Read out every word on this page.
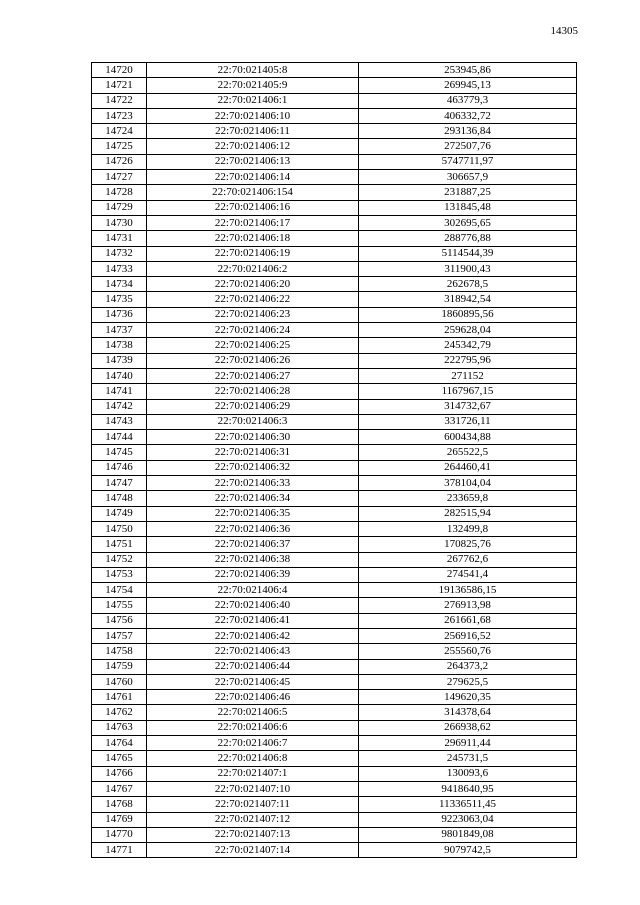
14305
14720	22:70:021405:8	253945,86
14721	22:70:021405:9	269945,13
14722	22:70:021406:1	463779,3
14723	22:70:021406:10	406332,72
14724	22:70:021406:11	293136,84
14725	22:70:021406:12	272507,76
14726	22:70:021406:13	5747711,97
14727	22:70:021406:14	306657,9
14728	22:70:021406:154	231887,25
14729	22:70:021406:16	131845,48
14730	22:70:021406:17	302695,65
14731	22:70:021406:18	288776,88
14732	22:70:021406:19	5114544,39
14733	22:70:021406:2	311900,43
14734	22:70:021406:20	262678,5
14735	22:70:021406:22	318942,54
14736	22:70:021406:23	1860895,56
14737	22:70:021406:24	259628,04
14738	22:70:021406:25	245342,79
14739	22:70:021406:26	222795,96
14740	22:70:021406:27	271152
14741	22:70:021406:28	1167967,15
14742	22:70:021406:29	314732,67
14743	22:70:021406:3	331726,11
14744	22:70:021406:30	600434,88
14745	22:70:021406:31	265522,5
14746	22:70:021406:32	264460,41
14747	22:70:021406:33	378104,04
14748	22:70:021406:34	233659,8
14749	22:70:021406:35	282515,94
14750	22:70:021406:36	132499,8
14751	22:70:021406:37	170825,76
14752	22:70:021406:38	267762,6
14753	22:70:021406:39	274541,4
14754	22:70:021406:4	19136586,15
14755	22:70:021406:40	276913,98
14756	22:70:021406:41	261661,68
14757	22:70:021406:42	256916,52
14758	22:70:021406:43	255560,76
14759	22:70:021406:44	264373,2
14760	22:70:021406:45	279625,5
14761	22:70:021406:46	149620,35
14762	22:70:021406:5	314378,64
14763	22:70:021406:6	266938,62
14764	22:70:021406:7	296911,44
14765	22:70:021406:8	245731,5
14766	22:70:021407:1	130093,6
14767	22:70:021407:10	9418640,95
14768	22:70:021407:11	11336511,45
14769	22:70:021407:12	9223063,04
14770	22:70:021407:13	9801849,08
14771	22:70:021407:14	9079742,5
